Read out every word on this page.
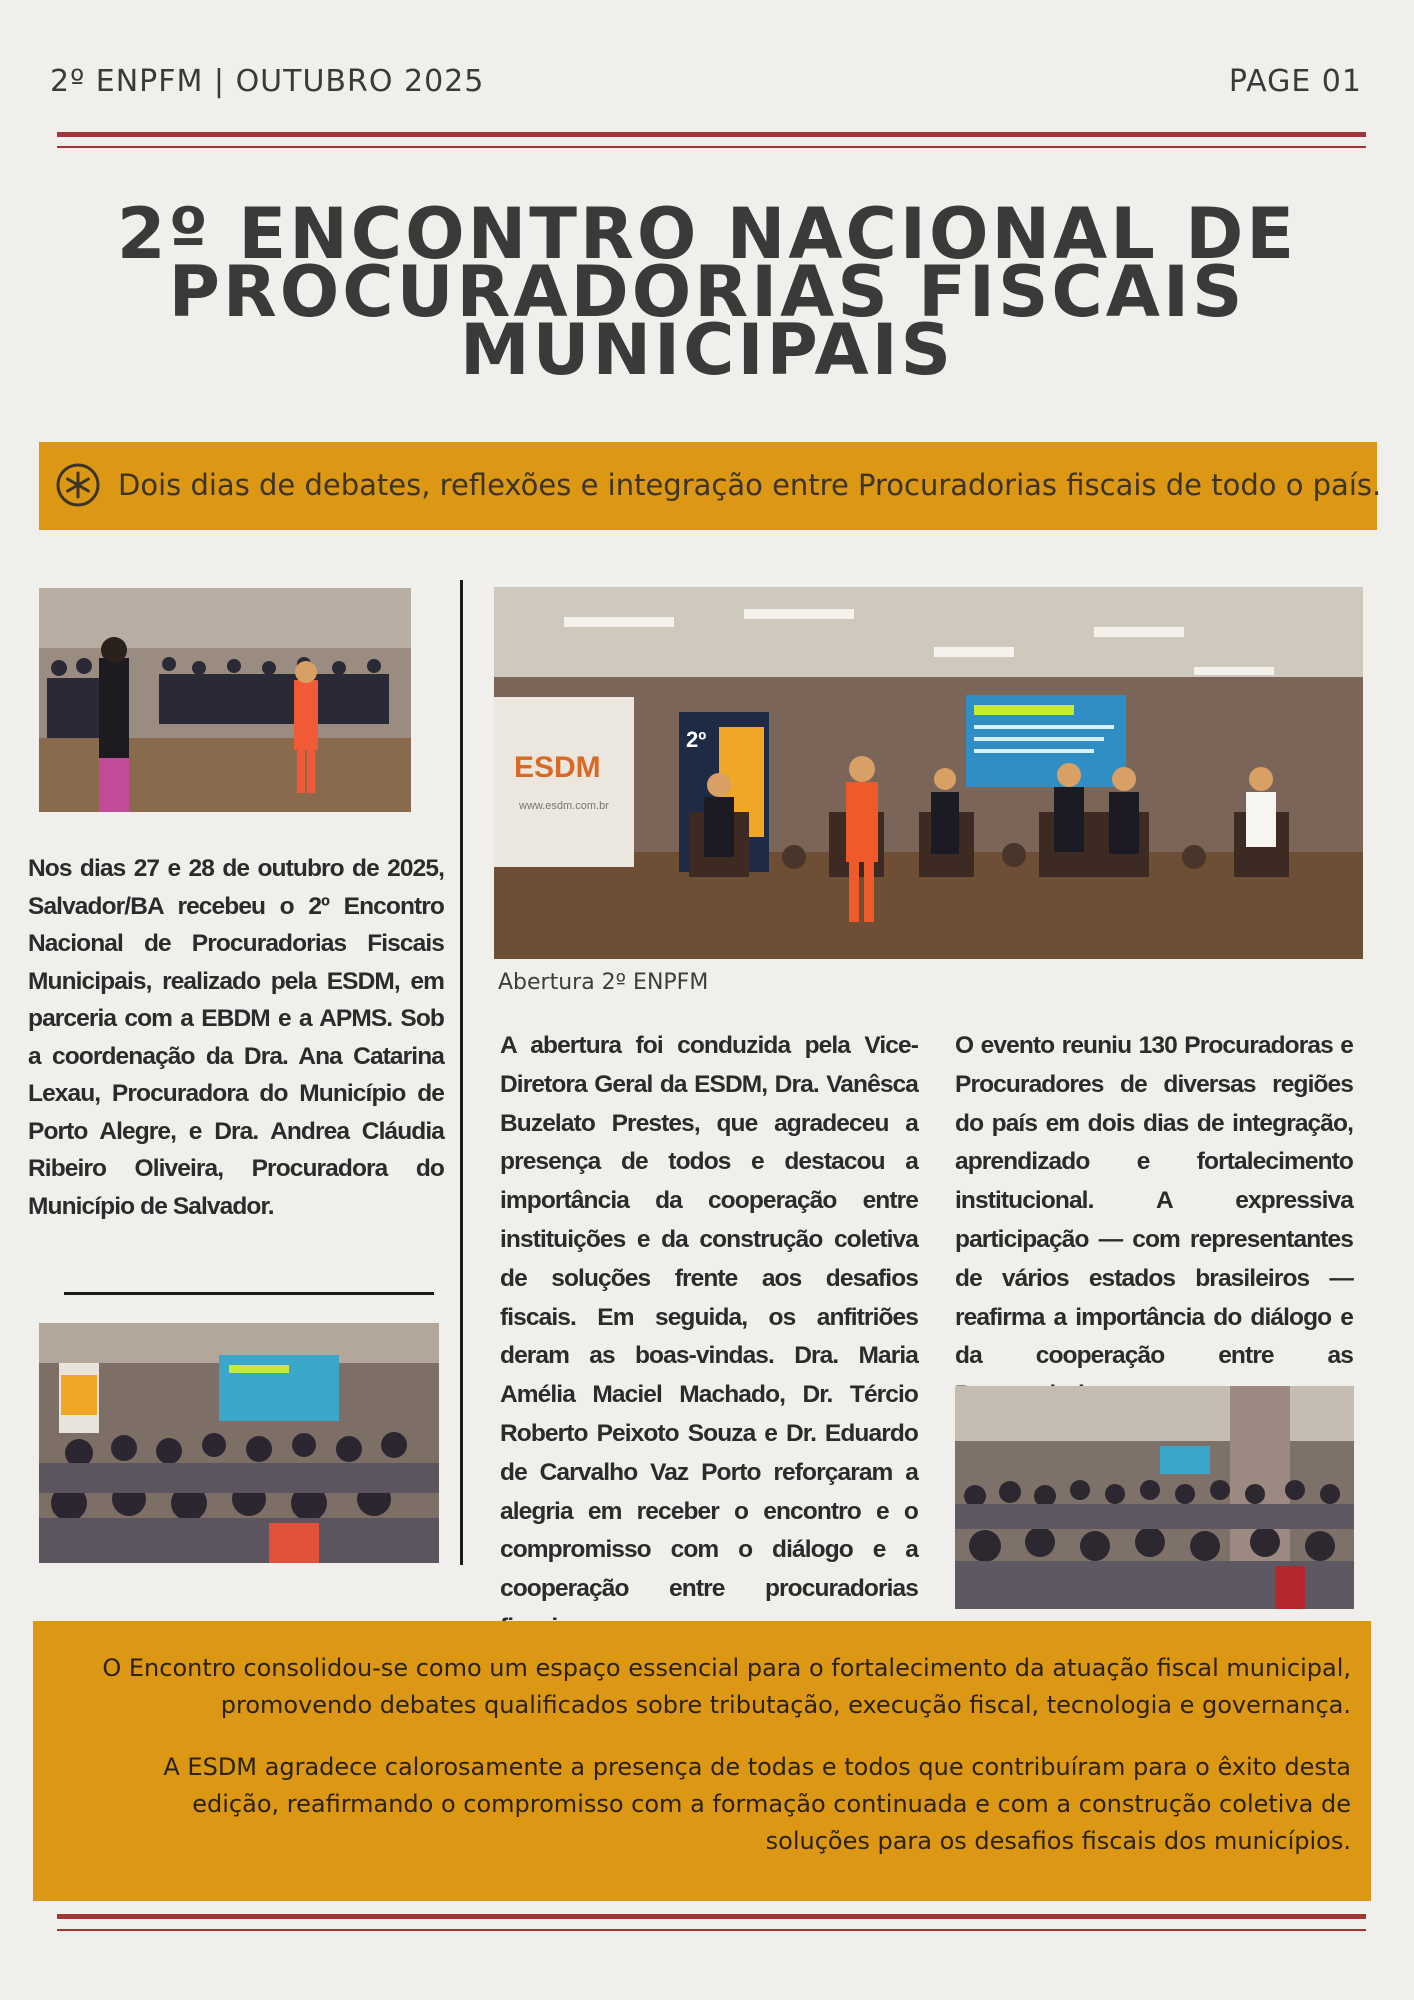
2º ENPFM | OUTUBRO 2025	PAGE 01
2º ENCONTRO NACIONAL DE
PROCURADORIAS FISCAIS
MUNICIPAIS
Dois dias de debates, reflexões e integração entre Procuradorias fiscais de todo o país.
Nos dias 27 e 28 de outubro de 2025, Salvador/BA recebeu o 2º Encontro Nacional de Procuradorias Fiscais Municipais, realizado pela ESDM, em parceria com a EBDM e a APMS. Sob a coordenação da Dra. Ana Catarina Lexau, Procuradora do Município de Porto Alegre, e Dra. Andrea Cláudia Ribeiro Oliveira, Procuradora do Município de Salvador.
ESDM
www.esdm.com.br
2º
Abertura 2º ENPFM
A abertura foi conduzida pela Vice-Diretora Geral da ESDM, Dra. Vanêsca Buzelato Prestes, que agradeceu a presença de todos e destacou a importância da cooperação entre instituições e da construção coletiva de soluções frente aos desafios fiscais. Em seguida, os anfitriões deram as boas-vindas. Dra. Maria Amélia Maciel Machado, Dr. Tércio Roberto Peixoto Souza e Dr. Eduardo de Carvalho Vaz Porto reforçaram a alegria em receber o encontro e o compromisso com o diálogo e a cooperação entre procuradorias
O evento reuniu 130 Procuradoras e Procuradores de diversas regiões do país em dois dias de integração, aprendizado e fortalecimento institucional. A expressiva participação — com representantes de vários estados brasileiros — reafirma a importância do diálogo e da cooperação entre as
O Encontro consolidou-se como um espaço essencial para o fortalecimento da atuação fiscal municipal,
promovendo debates qualificados sobre tributação, execução fiscal, tecnologia e governança.
A ESDM agradece calorosamente a presença de todas e todos que contribuíram para o êxito desta
edição, reafirmando o compromisso com a formação continuada e com a construção coletiva de
soluções para os desafios fiscais dos municípios.
